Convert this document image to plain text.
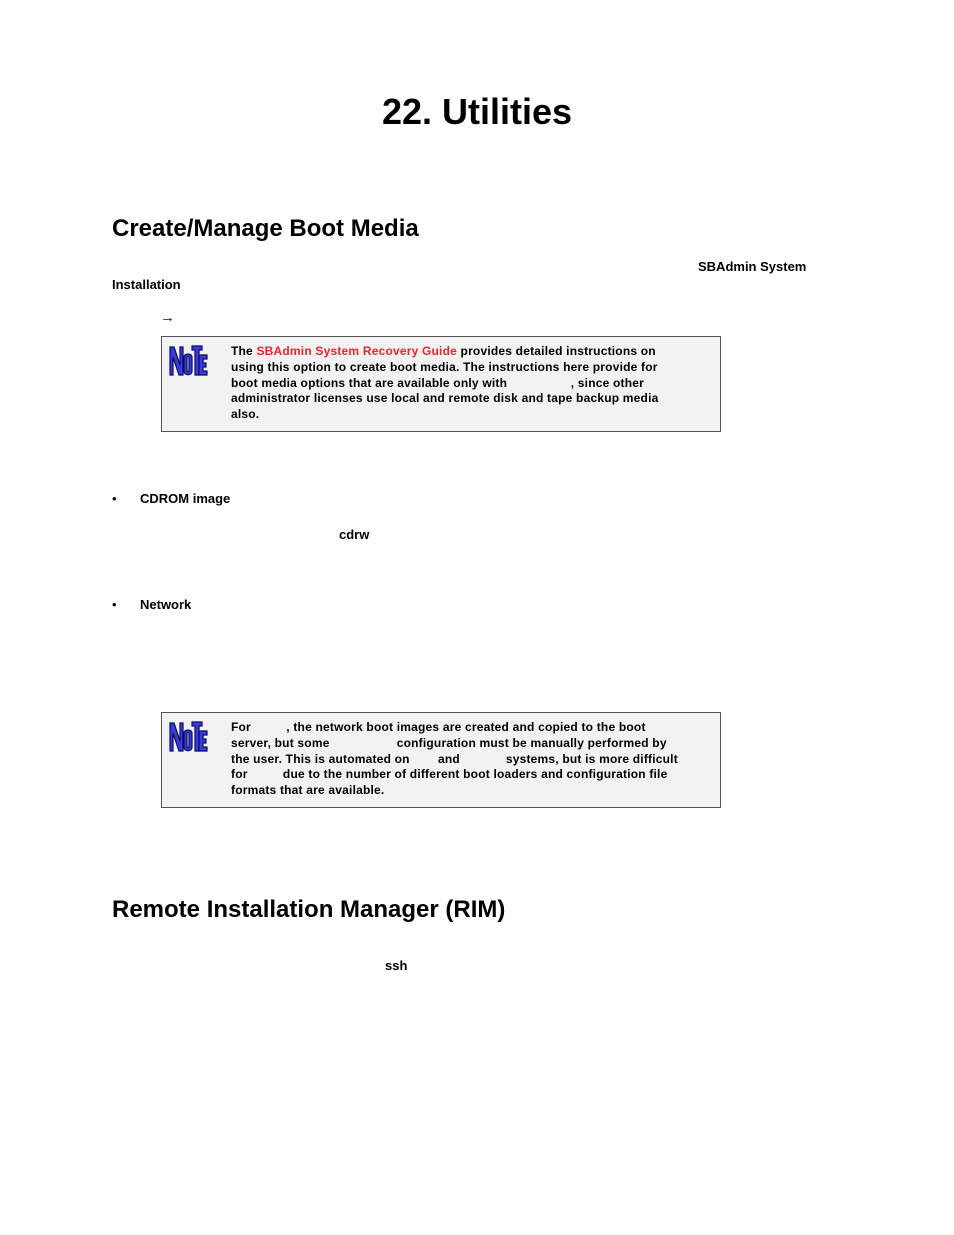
22. Utilities
Create/Manage Boot Media
SBAdmin System
Installation
→
The SBAdmin System Recovery Guide provides detailed instructions on
using this option to create boot media. The instructions here provide for
boot media options that are available only with                  , since other
administrator licenses use local and remote disk and tape backup media
also.
• CDROM image
cdrw
• Network
For          , the network boot images are created and copied to the boot
server, but some                   configuration must be manually performed by
the user. This is automated on        and             systems, but is more difficult
for          due to the number of different boot loaders and configuration file
formats that are available.
Remote Installation Manager (RIM)
ssh
